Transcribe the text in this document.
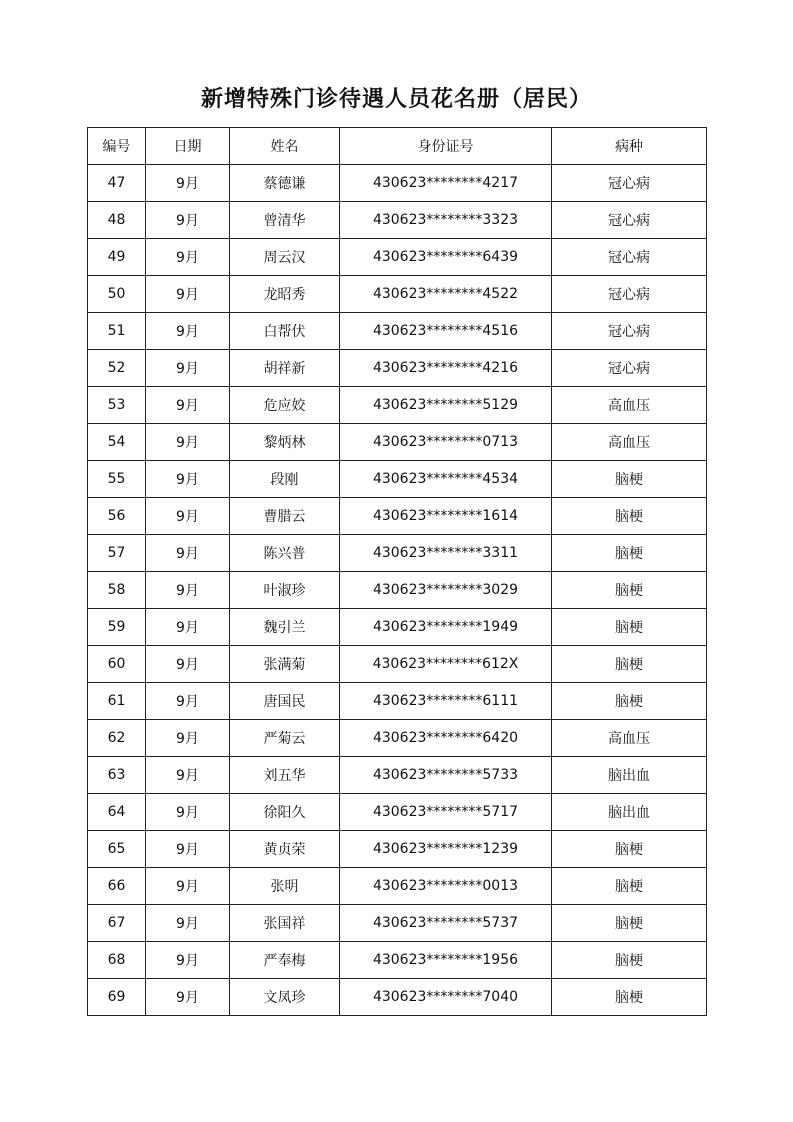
新增特殊门诊待遇人员花名册（居民）
编号	日期	姓名	身份证号	病种
47	9月	蔡德谦	430623********4217	冠心病
48	9月	曾清华	430623********3323	冠心病
49	9月	周云汉	430623********6439	冠心病
50	9月	龙昭秀	430623********4522	冠心病
51	9月	白帮伏	430623********4516	冠心病
52	9月	胡祥新	430623********4216	冠心病
53	9月	危应姣	430623********5129	高血压
54	9月	黎炳林	430623********0713	高血压
55	9月	段刚	430623********4534	脑梗
56	9月	曹腊云	430623********1614	脑梗
57	9月	陈兴普	430623********3311	脑梗
58	9月	叶淑珍	430623********3029	脑梗
59	9月	魏引兰	430623********1949	脑梗
60	9月	张满菊	430623********612X	脑梗
61	9月	唐国民	430623********6111	脑梗
62	9月	严菊云	430623********6420	高血压
63	9月	刘五华	430623********5733	脑出血
64	9月	徐阳久	430623********5717	脑出血
65	9月	黄贞荣	430623********1239	脑梗
66	9月	张明	430623********0013	脑梗
67	9月	张国祥	430623********5737	脑梗
68	9月	严奉梅	430623********1956	脑梗
69	9月	文凤珍	430623********7040	脑梗
